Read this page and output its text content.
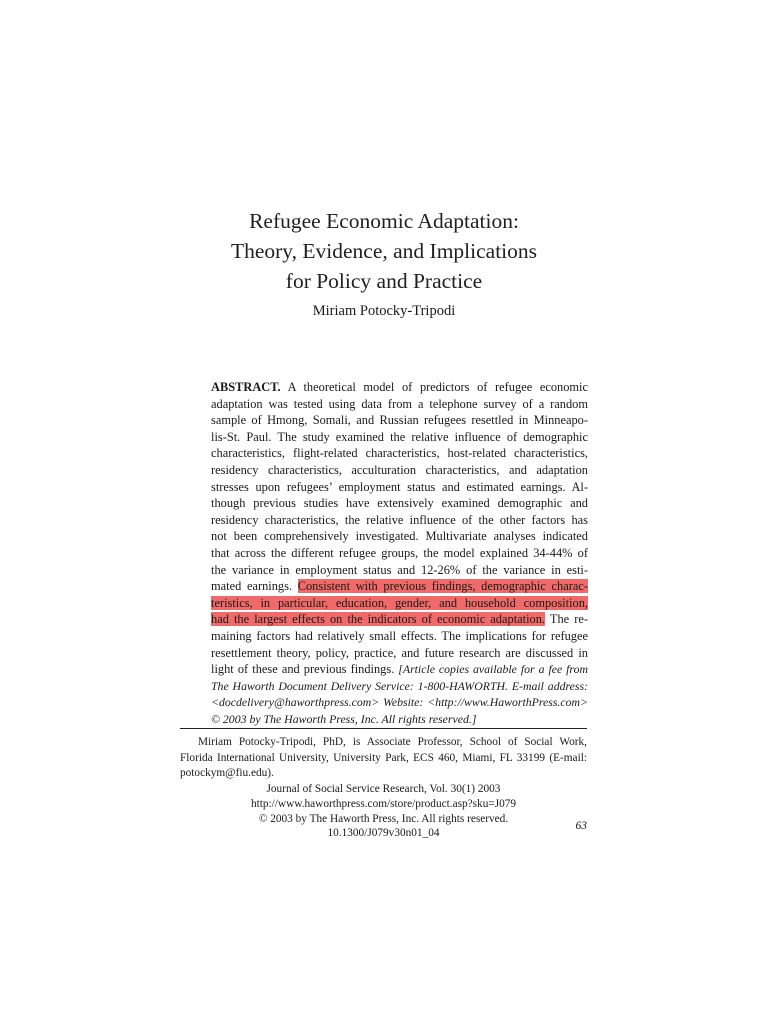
Refugee Economic Adaptation:
Theory, Evidence, and Implications
for Policy and Practice
Miriam Potocky-Tripodi
ABSTRACT. A theoretical model of predictors of refugee economic
adaptation was tested using data from a telephone survey of a random
sample of Hmong, Somali, and Russian refugees resettled in Minneapo-
lis-St. Paul. The study examined the relative influence of demographic
characteristics, flight-related characteristics, host-related characteristics,
residency characteristics, acculturation characteristics, and adaptation
stresses upon refugees’ employment status and estimated earnings. Al-
though previous studies have extensively examined demographic and
residency characteristics, the relative influence of the other factors has
not been comprehensively investigated. Multivariate analyses indicated
that across the different refugee groups, the model explained 34-44% of
the variance in employment status and 12-26% of the variance in esti-
mated earnings. Consistent with previous findings, demographic charac-
teristics, in particular, education, gender, and household composition,
had the largest effects on the indicators of economic adaptation. The re-
maining factors had relatively small effects. The implications for refugee
resettlement theory, policy, practice, and future research are discussed in
light of these and previous findings. [Article copies available for a fee from
The Haworth Document Delivery Service: 1-800-HAWORTH. E-mail address:
<docdelivery@haworthpress.com> Website: <http://www.HaworthPress.com>
© 2003 by The Haworth Press, Inc. All rights reserved.]
Miriam Potocky-Tripodi, PhD, is Associate Professor, School of Social Work,
Florida International University, University Park, ECS 460, Miami, FL 33199 (E-mail:
potockym@fiu.edu).
Journal of Social Service Research, Vol. 30(1) 2003
http://www.haworthpress.com/store/product.asp?sku=J079
© 2003 by The Haworth Press, Inc. All rights reserved.
10.1300/J079v30n01_04
63
